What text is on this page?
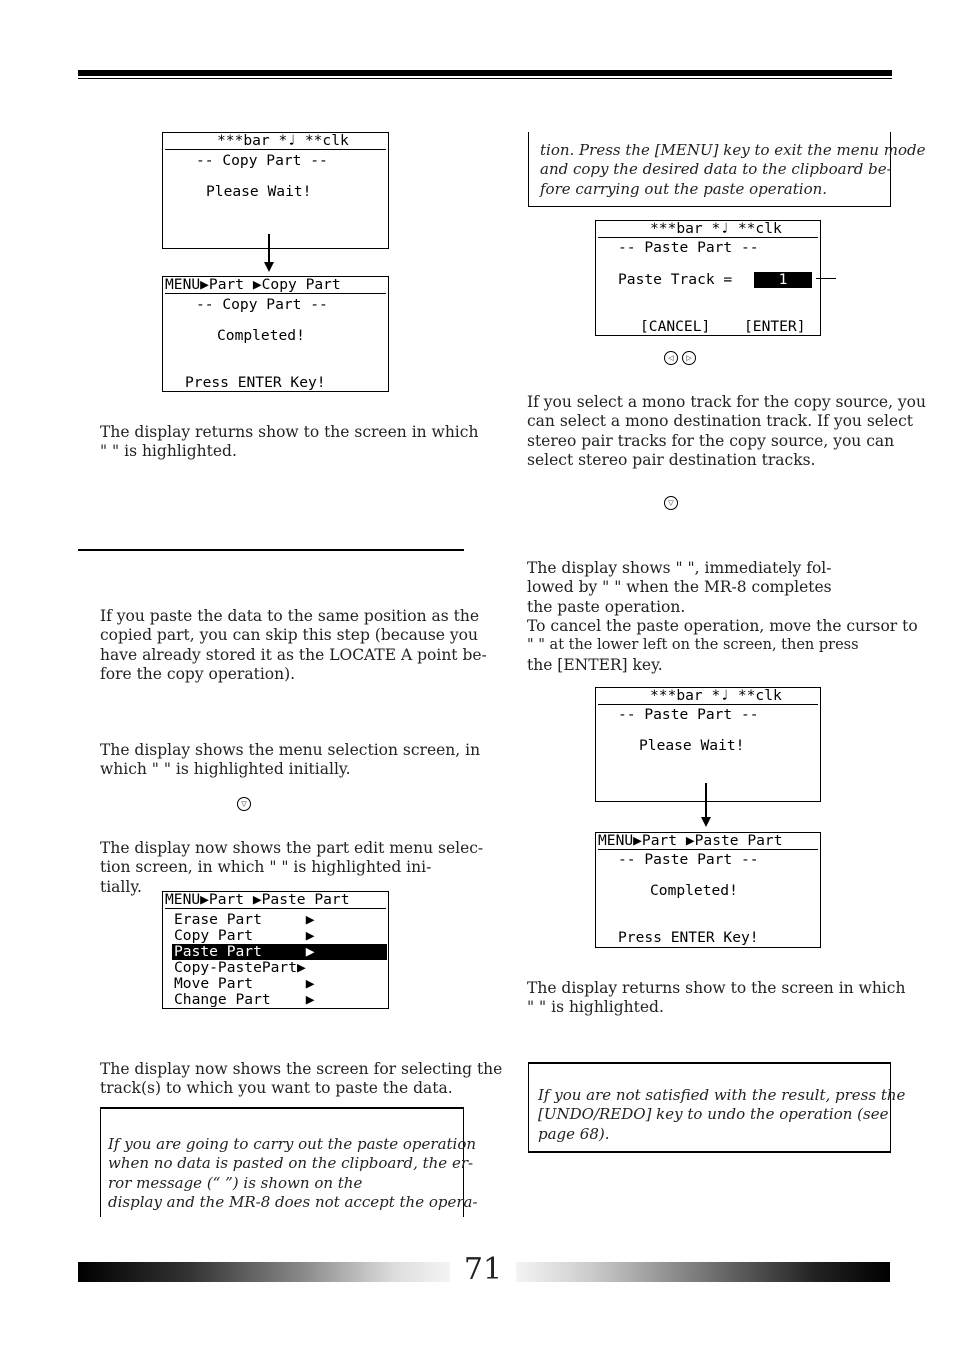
***bar *♩ **clk
-- Copy Part --
Please Wait!
MENU▶Part ▶Copy Part
-- Copy Part --
Completed!
Press ENTER Key!
The display returns show to the screen in which
" " is highlighted.
If you paste the data to the same position as the
copied part, you can skip this step (because you
have already stored it as the LOCATE A point be-
fore the copy operation).
The display shows the menu selection screen, in
which " " is highlighted initially.
▽
The display now shows the part edit menu selec-
tion screen, in which " " is highlighted ini-
tially.
MENU▶Part ▶Paste Part
Erase Part     ▶
Copy Part      ▶
Paste Part     ▶
Copy-PastePart▶
Move Part      ▶
Change Part    ▶
The display now shows the screen for selecting the
track(s) to which you want to paste the data.
If you are going to carry out the paste operation
when no data is pasted on the clipboard, the er-
ror message (“ ”) is shown on the
display and the MR-8 does not accept the opera-
tion. Press the [MENU] key to exit the menu mode
and copy the desired data to the clipboard be-
fore carrying out the paste operation.
***bar *♩ **clk
-- Paste Part --
Paste Track =	1
[CANCEL] [ENTER]
◁	▷
If you select a mono track for the copy source, you
can select a mono destination track. If you select
stereo pair tracks for the copy source, you can
select stereo pair destination tracks.
▽
The display shows " ", immediately fol-
lowed by " " when the MR-8 completes
the paste operation.
To cancel the paste operation, move the cursor to
" " at the lower left on the screen, then press
the [ENTER] key.
***bar *♩ **clk
-- Paste Part --
Please Wait!
MENU▶Part ▶Paste Part
-- Paste Part --
Completed!
Press ENTER Key!
The display returns show to the screen in which
" " is highlighted.
If you are not satisfied with the result, press the
[UNDO/REDO] key to undo the operation (see
page 68).
71
